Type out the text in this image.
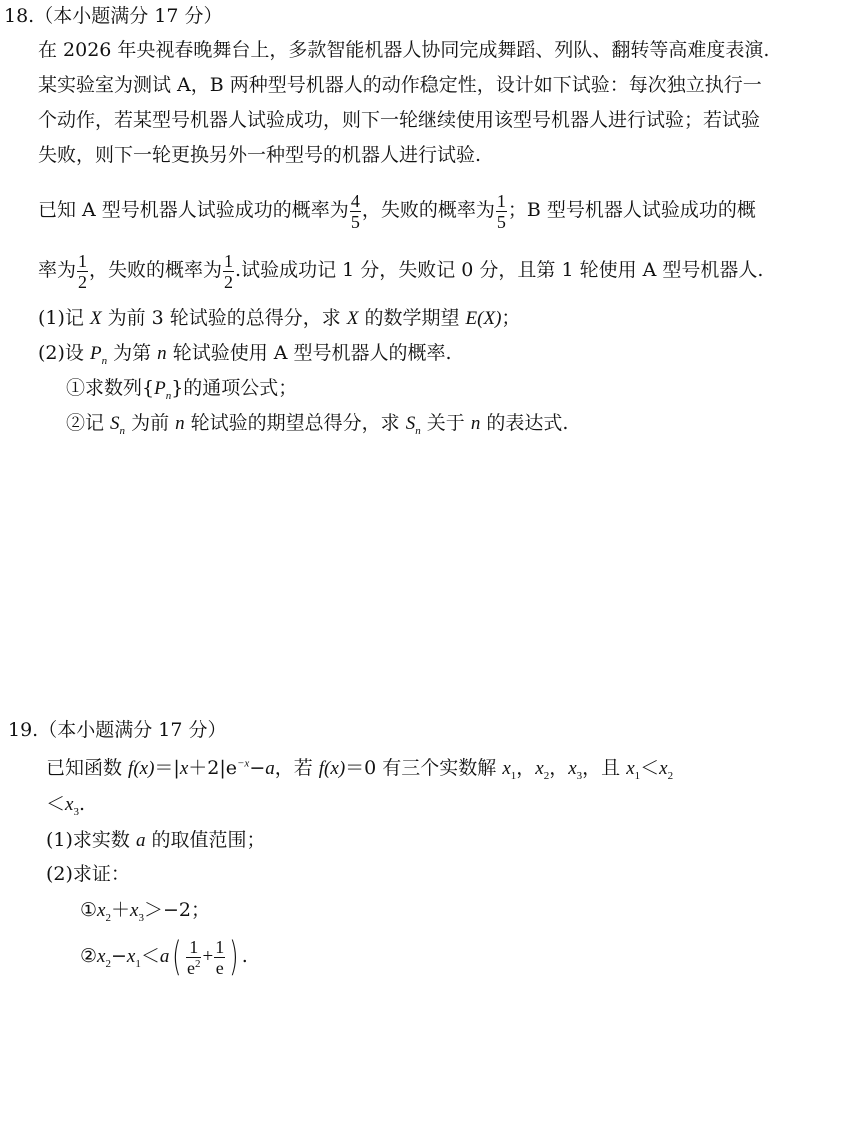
18.（本小题满分 17 分）
在 2026 年央视春晚舞台上，多款智能机器人协同完成舞蹈、列队、翻转等高难度表演.
某实验室为测试 A，B 两种型号机器人的动作稳定性，设计如下试验：每次独立执行一
个动作，若某型号机器人试验成功，则下一轮继续使用该型号机器人进行试验；若试验
失败，则下一轮更换另外一种型号的机器人进行试验.
已知 A 型号机器人试验成功的概率为 $\frac{4}{5}$ ，失败的概率为 $\frac{1}{5}$ ；B 型号机器人试验成功的概
率为 $\frac{1}{2}$ ，失败的概率为 $\frac{1}{2}$ .试验成功记 1 分，失败记 0 分，且第 1 轮使用 A 型号机器人.
(1)记 X 为前 3 轮试验的总得分，求 X 的数学期望 E(X)；
(2)设 $P_n$ 为第 n 轮试验使用 A 型号机器人的概率.
①求数列$\{P_n\}$的通项公式；
②记 $S_n$ 为前 n 轮试验的期望总得分，求 $S_n$ 关于 n 的表达式.
19.（本小题满分 17 分）
已知函数 $f(x)=|x+2|e^{-x}-a$，若 f(x)＝0 有三个实数解 $x_1$，$x_2$，$x_3$，且 $x_1<x_2$
$<x_3$.
(1)求实数 a 的取值范围；
(2)求证：
$①x_2+x_3>-2$；
$②x_2-x_1<a( \frac{1}{e^2} + \frac{1}{e}$ ) .
